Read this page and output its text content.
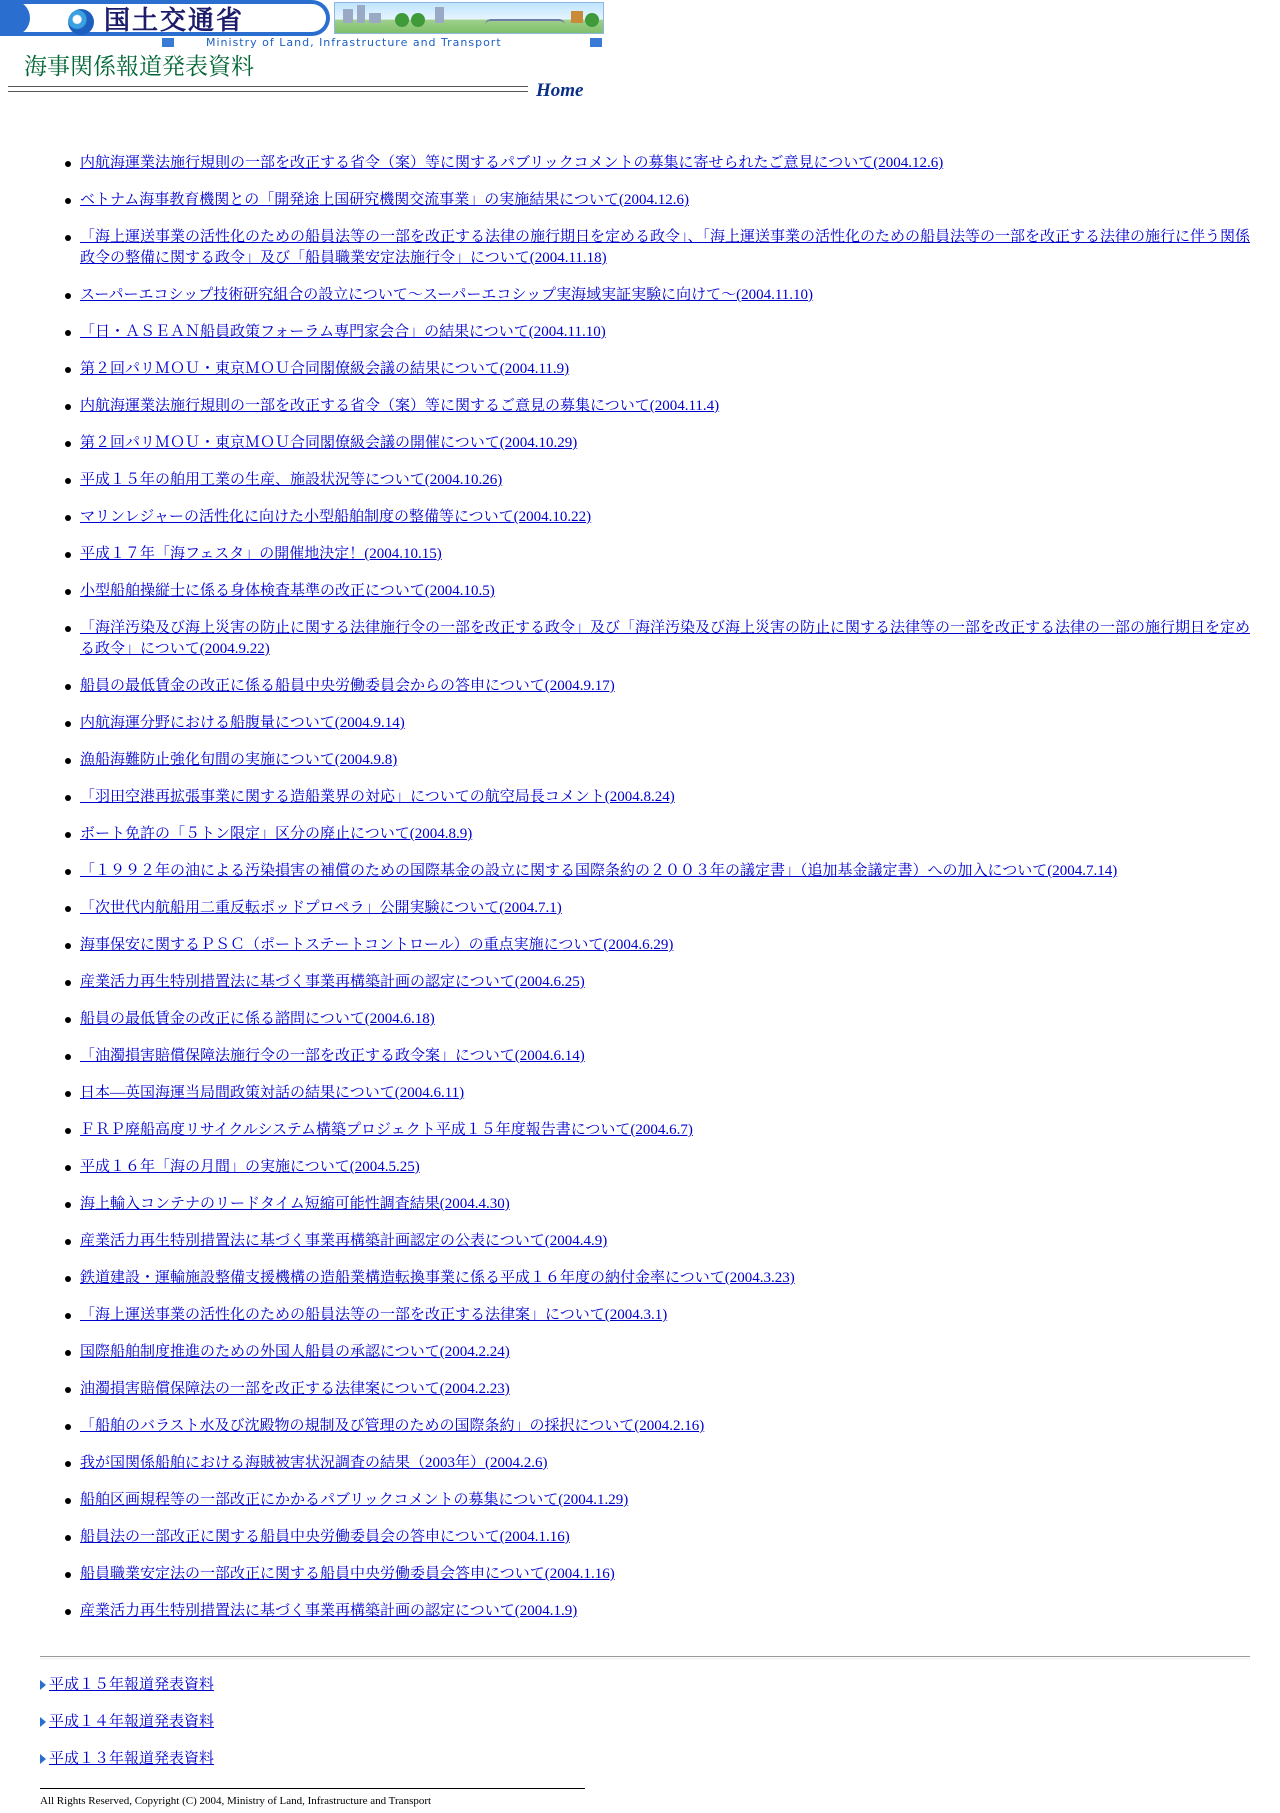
国土交通省
Ministry of Land, Infrastructure and Transport
海事関係報道発表資料
Home
内航海運業法施行規則の一部を改正する省令（案）等に関するパブリックコメントの募集に寄せられたご意見について(2004.12.6)
ベトナム海事教育機関との「開発途上国研究機関交流事業」の実施結果について(2004.12.6)
「海上運送事業の活性化のための船員法等の一部を改正する法律の施行期日を定める政令」、「海上運送事業の活性化のための船員法等の一部を改正する法律の施行に伴う関係政令の整備に関する政令」及び「船員職業安定法施行令」について(2004.11.18)
スーパーエコシップ技術研究組合の設立について～スーパーエコシップ実海域実証実験に向けて～(2004.11.10)
「日・ＡＳＥＡＮ船員政策フォーラム専門家会合」の結果について(2004.11.10)
第２回パリＭＯＵ・東京ＭＯＵ合同閣僚級会議の結果について(2004.11.9)
内航海運業法施行規則の一部を改正する省令（案）等に関するご意見の募集について(2004.11.4)
第２回パリＭＯＵ・東京ＭＯＵ合同閣僚級会議の開催について(2004.10.29)
平成１５年の舶用工業の生産、施設状況等について(2004.10.26)
マリンレジャーの活性化に向けた小型船舶制度の整備等について(2004.10.22)
平成１７年「海フェスタ」の開催地決定！(2004.10.15)
小型船舶操縦士に係る身体検査基準の改正について(2004.10.5)
「海洋汚染及び海上災害の防止に関する法律施行令の一部を改正する政令」及び「海洋汚染及び海上災害の防止に関する法律等の一部を改正する法律の一部の施行期日を定める政令」について(2004.9.22)
船員の最低賃金の改正に係る船員中央労働委員会からの答申について(2004.9.17)
内航海運分野における船腹量について(2004.9.14)
漁船海難防止強化旬間の実施について(2004.9.8)
「羽田空港再拡張事業に関する造船業界の対応」についての航空局長コメント(2004.8.24)
ボート免許の「５トン限定」区分の廃止について(2004.8.9)
「１９９２年の油による汚染損害の補償のための国際基金の設立に関する国際条約の２００３年の議定書」（追加基金議定書）への加入について(2004.7.14)
「次世代内航船用二重反転ポッドプロペラ」公開実験について(2004.7.1)
海事保安に関するＰＳＣ（ポートステートコントロール）の重点実施について(2004.6.29)
産業活力再生特別措置法に基づく事業再構築計画の認定について(2004.6.25)
船員の最低賃金の改正に係る諮問について(2004.6.18)
「油濁損害賠償保障法施行令の一部を改正する政令案」について(2004.6.14)
日本—英国海運当局間政策対話の結果について(2004.6.11)
ＦＲＰ廃船高度リサイクルシステム構築プロジェクト平成１５年度報告書について(2004.6.7)
平成１６年「海の月間」の実施について(2004.5.25)
海上輸入コンテナのリードタイム短縮可能性調査結果(2004.4.30)
産業活力再生特別措置法に基づく事業再構築計画認定の公表について(2004.4.9)
鉄道建設・運輸施設整備支援機構の造船業構造転換事業に係る平成１６年度の納付金率について(2004.3.23)
「海上運送事業の活性化のための船員法等の一部を改正する法律案」について(2004.3.1)
国際船舶制度推進のための外国人船員の承認について(2004.2.24)
油濁損害賠償保障法の一部を改正する法律案について(2004.2.23)
「船舶のバラスト水及び沈殿物の規制及び管理のための国際条約」の採択について(2004.2.16)
我が国関係船舶における海賊被害状況調査の結果（2003年）(2004.2.6)
船舶区画規程等の一部改正にかかるパブリックコメントの募集について(2004.1.29)
船員法の一部改正に関する船員中央労働委員会の答申について(2004.1.16)
船員職業安定法の一部改正に関する船員中央労働委員会答申について(2004.1.16)
産業活力再生特別措置法に基づく事業再構築計画の認定について(2004.1.9)
平成１５年報道発表資料
平成１４年報道発表資料
平成１３年報道発表資料
All Rights Reserved, Copyright (C) 2004, Ministry of Land, Infrastructure and Transport
